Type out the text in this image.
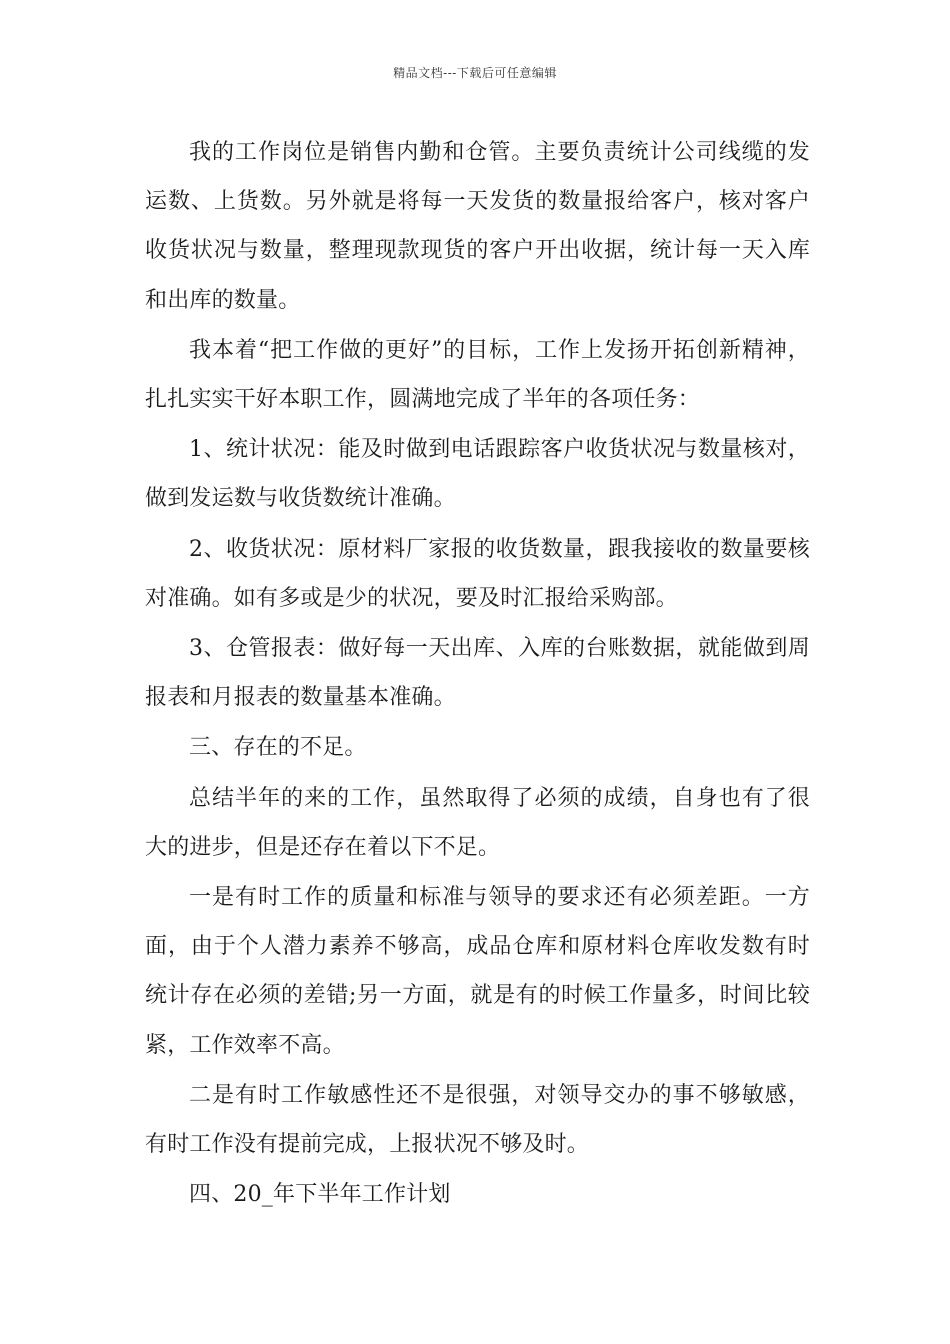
精品文档---下载后可任意编辑

我的工作岗位是销售内勤和仓管。主要负责统计公司线缆的发运数、上货数。另外就是将每一天发货的数量报给客户，核对客户收货状况与数量，整理现款现货的客户开出收据，统计每一天入库和出库的数量。

我本着“把工作做的更好”的目标，工作上发扬开拓创新精神，扎扎实实干好本职工作，圆满地完成了半年的各项任务：

1、统计状况：能及时做到电话跟踪客户收货状况与数量核对，做到发运数与收货数统计准确。

2、收货状况：原材料厂家报的收货数量，跟我接收的数量要核对准确。如有多或是少的状况，要及时汇报给采购部。

3、仓管报表：做好每一天出库、入库的台账数据，就能做到周报表和月报表的数量基本准确。

三、存在的不足。

总结半年的来的工作，虽然取得了必须的成绩，自身也有了很大的进步，但是还存在着以下不足。

一是有时工作的质量和标准与领导的要求还有必须差距。一方面，由于个人潜力素养不够高，成品仓库和原材料仓库收发数有时统计存在必须的差错;另一方面，就是有的时候工作量多，时间比较紧，工作效率不高。

二是有时工作敏感性还不是很强，对领导交办的事不够敏感，有时工作没有提前完成，上报状况不够及时。

四、20_年下半年工作计划
